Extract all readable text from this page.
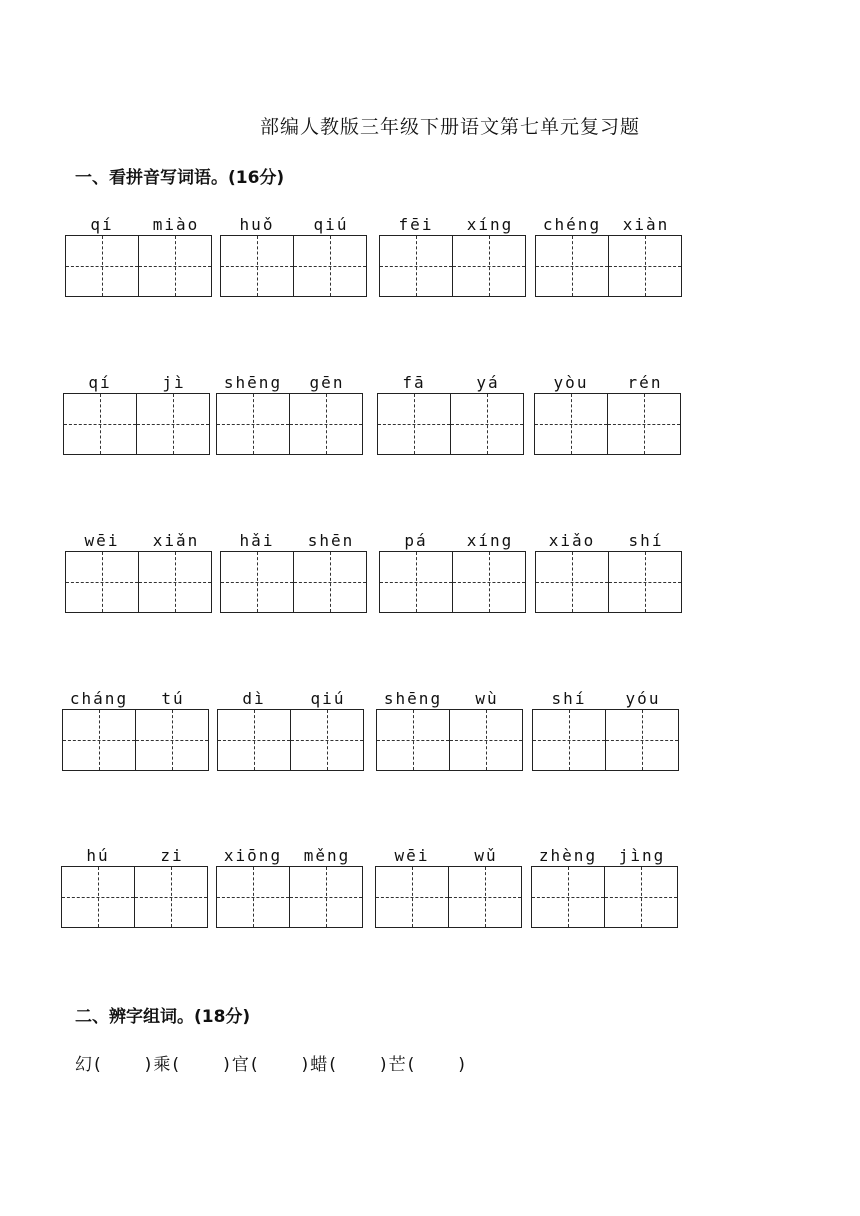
部编人教版三年级下册语文第七单元复习题
一、看拼音写词语。(16分)
qí	miào	huǒ	qiú	fēi	xíng	chéng	xiàn
qí	jì	shēng	gēn	fā	yá	yòu	rén
wēi	xiǎn	hǎi	shēn	pá	xíng	xiǎo	shí
cháng	tú	dì	qiú	shēng	wù	shí	yóu
hú	zi	xiōng	měng	wēi	wǔ	zhèng	jìng
二、辨字组词。(18分)
幻(    )乘(    )官(    )蜡(    )芒(    )
